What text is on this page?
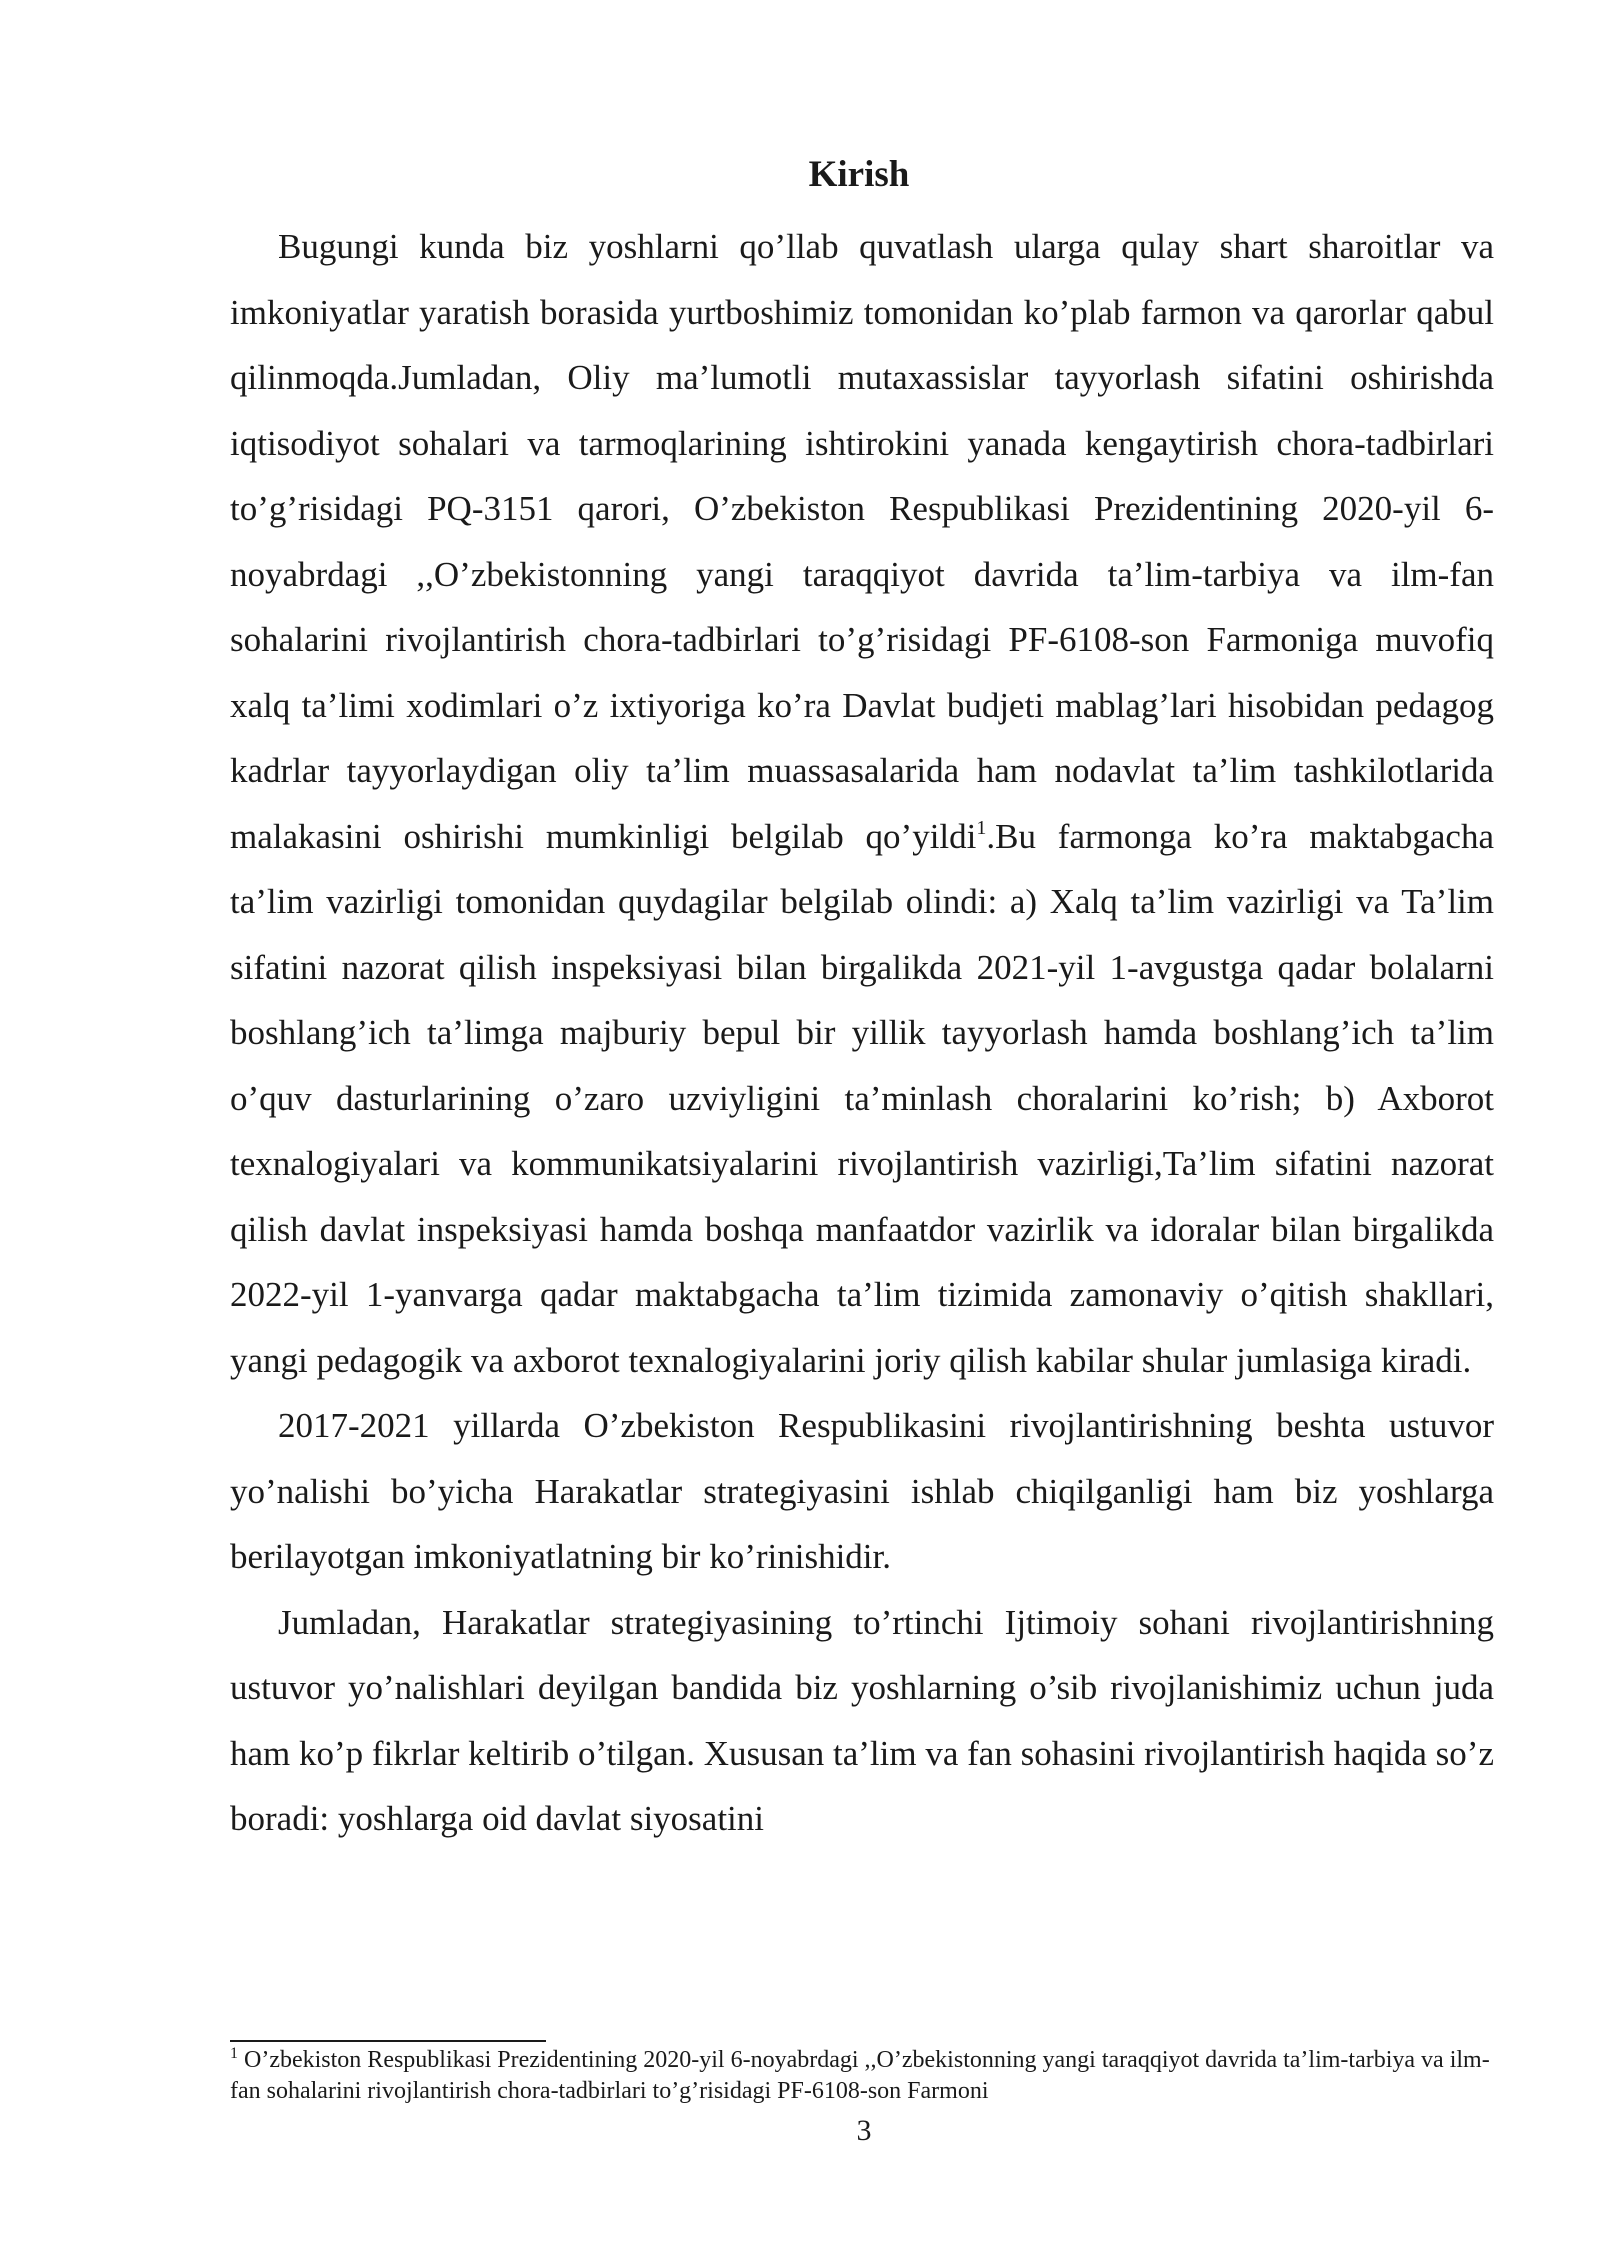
Kirish

Bugungi kunda biz yoshlarni qo’llab quvatlash ularga qulay shart sharoitlar va imkoniyatlar yaratish borasida yurtboshimiz tomonidan ko’plab farmon va qarorlar qabul qilinmoqda.Jumladan, Oliy ma’lumotli mutaxassislar tayyorlash sifatini oshirishda iqtisodiyot sohalari va tarmoqlarining ishtirokini yanada kengaytirish chora-tadbirlari to’g’risidagi PQ-3151 qarori, O’zbekiston Respublikasi Prezidentining 2020-yil 6-noyabrdagi ,,O’zbekistonning yangi taraqqiyot davrida ta’lim-tarbiya va ilm-fan sohalarini rivojlantirish chora-tadbirlari to’g’risidagi PF-6108-son Farmoniga muvofiq xalq ta’limi xodimlari o’z ixtiyoriga ko’ra Davlat budjeti mablag’lari hisobidan pedagog kadrlar tayyorlaydigan oliy ta’lim muassasalarida ham nodavlat ta’lim tashkilotlarida malakasini oshirishi mumkinligi belgilab qo’yildi$^1$.Bu farmonga ko’ra maktabgacha ta’lim vazirligi tomonidan quydagilar belgilab olindi: a) Xalq ta’lim vazirligi va Ta’lim sifatini nazorat qilish inspeksiyasi bilan birgalikda 2021-yil 1-avgustga qadar bolalarni boshlang’ich ta’limga majburiy bepul bir yillik tayyorlash hamda boshlang’ich ta’lim o’quv dasturlarining o’zaro uzviyligini ta’minlash choralarini ko’rish; b) Axborot texnalogiyalari va kommunikatsiyalarini rivojlantirish vazirligi,Ta’lim sifatini nazorat qilish davlat inspeksiyasi hamda boshqa manfaatdor vazirlik va idoralar bilan birgalikda 2022-yil 1-yanvarga qadar maktabgacha ta’lim tizimida zamonaviy o’qitish shakllari, yangi pedagogik va axborot texnalogiyalarini joriy qilish kabilar shular jumlasiga kiradi.

2017-2021 yillarda O’zbekiston Respublikasini rivojlantirishning beshta ustuvor yo’nalishi bo’yicha Harakatlar strategiyasini ishlab chiqilganligi ham biz yoshlarga berilayotgan imkoniyatlatning bir ko’rinishidir.

Jumladan, Harakatlar strategiyasining to’rtinchi Ijtimoiy sohani rivojlantirishning ustuvor yo’nalishlari deyilgan bandida biz yoshlarning o’sib rivojlanishimiz uchun juda ham ko’p fikrlar keltirib o’tilgan. Xususan ta’lim va fan sohasini rivojlantirish haqida so’z boradi: yoshlarga oid davlat siyosatini

$^1$ O’zbekiston Respublikasi Prezidentining 2020-yil 6-noyabrdagi ,,O’zbekistonning yangi taraqqiyot davrida ta’lim-tarbiya va ilm-fan sohalarini rivojlantirish chora-tadbirlari to’g’risidagi PF-6108-son Farmoni

3
